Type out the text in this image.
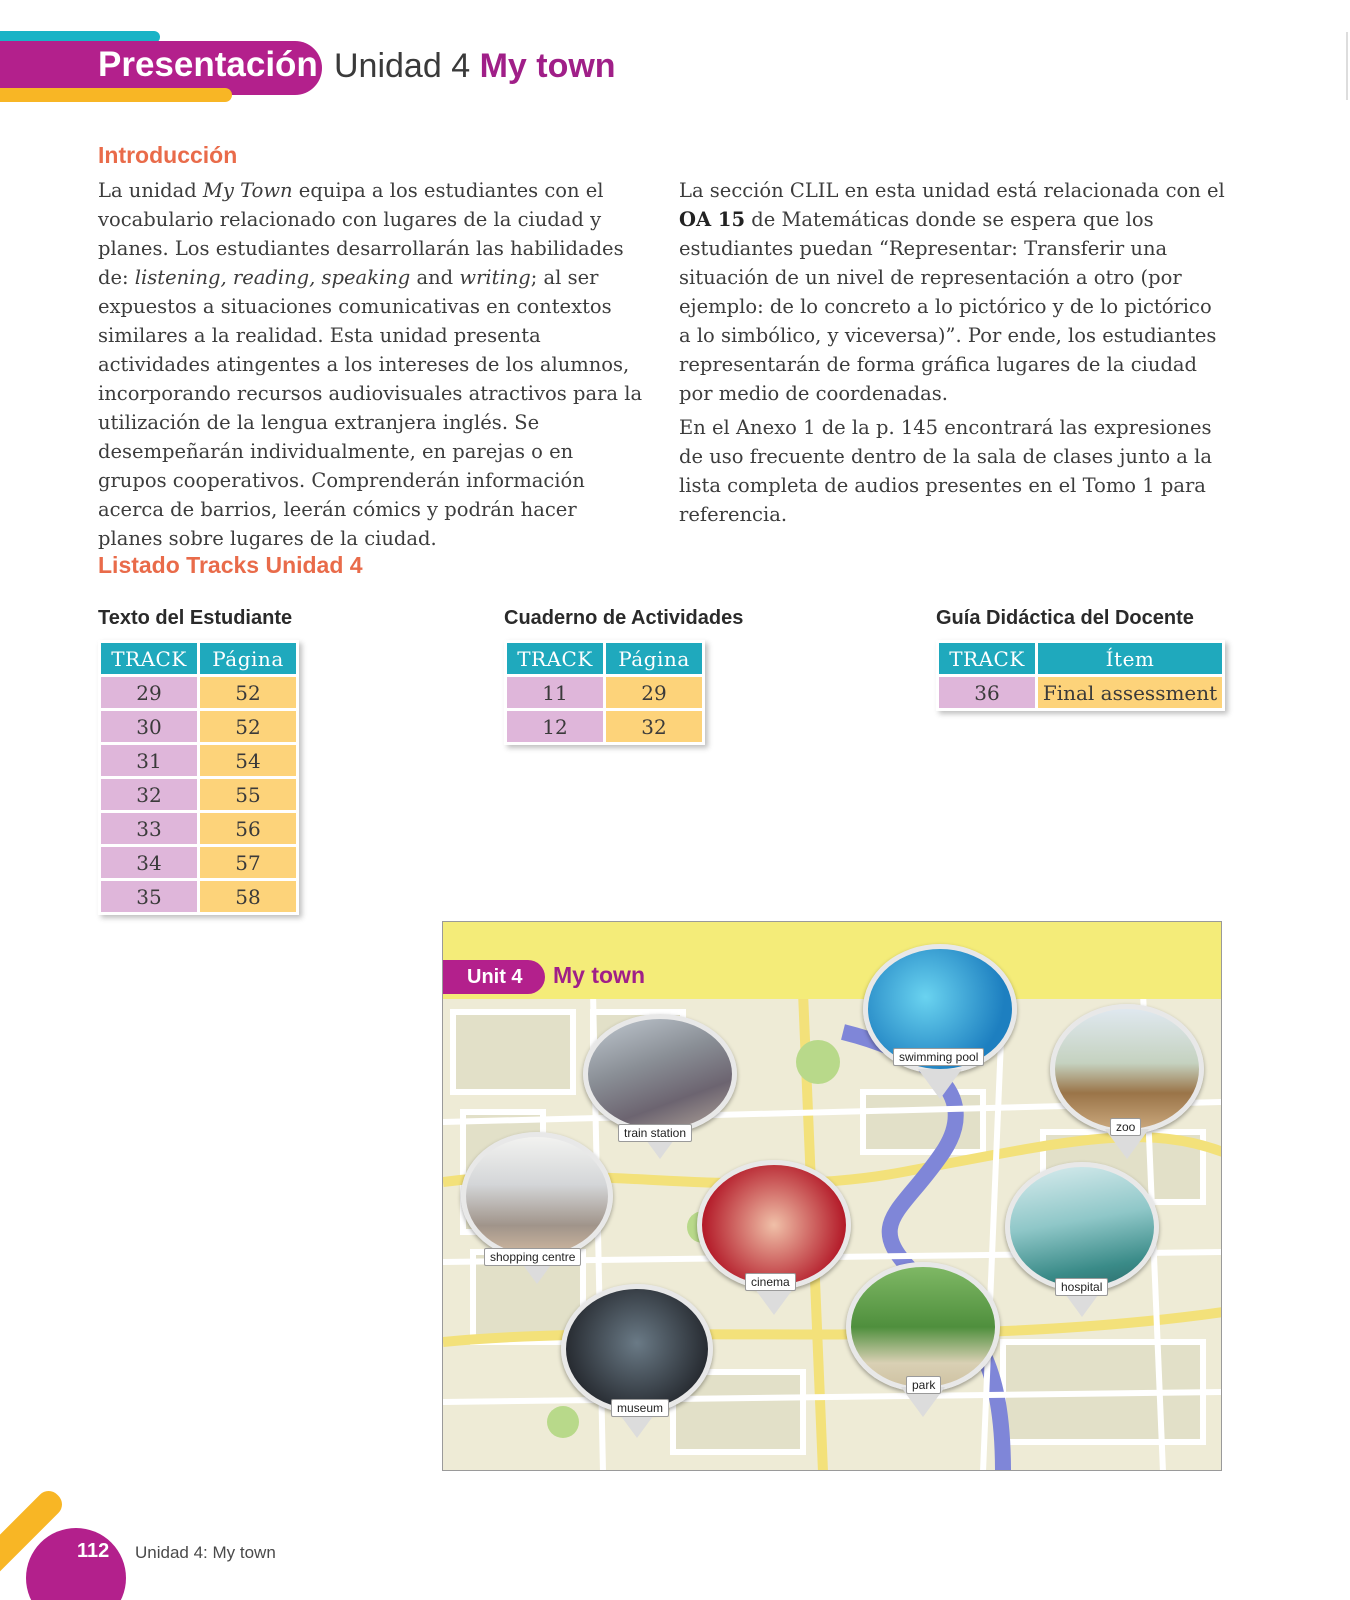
Presentación Unidad 4 My town
Introducción

La unidad My Town equipa a los estudiantes con el vocabulario relacionado con lugares de la ciudad y planes. Los estudiantes desarrollarán las habilidades de: listening, reading, speaking and writing; al ser expuestos a situaciones comunicativas en contextos similares a la realidad. Esta unidad presenta actividades atingentes a los intereses de los alumnos, incorporando recursos audiovisuales atractivos para la utilización de la lengua extranjera inglés. Se desempeñarán individualmente, en parejas o en grupos cooperativos. Comprenderán información acerca de barrios, leerán cómics y podrán hacer planes sobre lugares de la ciudad.

La sección CLIL en esta unidad está relacionada con el OA 15 de Matemáticas donde se espera que los estudiantes puedan “Representar: Transferir una situación de un nivel de representación a otro (por ejemplo: de lo concreto a lo pictórico y de lo pictórico a lo simbólico, y viceversa)”. Por ende, los estudiantes representarán de forma gráfica lugares de la ciudad por medio de coordenadas.

En el Anexo 1 de la p. 145 encontrará las expresiones de uso frecuente dentro de la sala de clases junto a la lista completa de audios presentes en el Tomo 1 para referencia.

Listado Tracks Unidad 4
Texto del Estudiante
TRACK	Página
29	52
30	52
31	54
32	55
33	56
34	57
35	58
Cuaderno de Actividades
TRACK	Página
11	29
12	32
Guía Didáctica del Docente
TRACK	Ítem
36	Final assessment
Unit 4	My town
swimming pool
zoo
train station
shopping centre
cinema	hospital
museum
park
112 Unidad 4: My town
